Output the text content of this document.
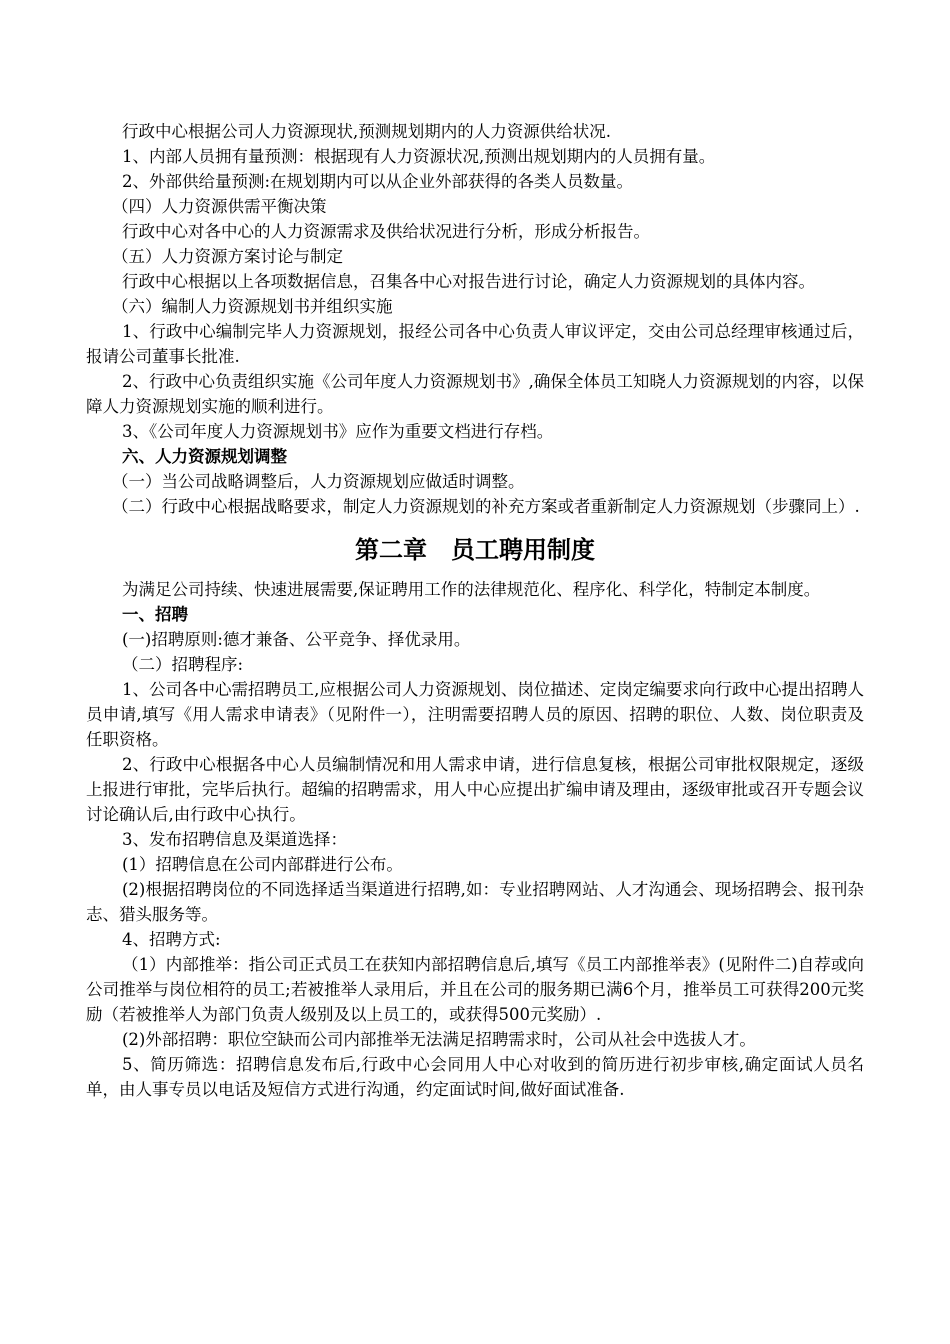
行政中心根据公司人力资源现状,预测规划期内的人力资源供给状况.

1、内部人员拥有量预测：根据现有人力资源状况,预测出规划期内的人员拥有量。

2、外部供给量预测:在规划期内可以从企业外部获得的各类人员数量。

（四）人力资源供需平衡决策

行政中心对各中心的人力资源需求及供给状况进行分析，形成分析报告。

（五）人力资源方案讨论与制定

行政中心根据以上各项数据信息，召集各中心对报告进行讨论，确定人力资源规划的具体内容。

（六）编制人力资源规划书并组织实施

1、行政中心编制完毕人力资源规划，报经公司各中心负责人审议评定，交由公司总经理审核通过后，报请公司董事长批准.

2、行政中心负责组织实施《公司年度人力资源规划书》,确保全体员工知晓人力资源规划的内容，以保障人力资源规划实施的顺利进行。

3、《公司年度人力资源规划书》应作为重要文档进行存档。

六、人力资源规划调整

（一）当公司战略调整后，人力资源规划应做适时调整。

（二）行政中心根据战略要求，制定人力资源规划的补充方案或者重新制定人力资源规划（步骤同上）.

第二章　员工聘用制度

为满足公司持续、快速进展需要,保证聘用工作的法律规范化、程序化、科学化，特制定本制度。

一、招聘

(一)招聘原则:德才兼备、公平竞争、择优录用。

（二）招聘程序:

1、公司各中心需招聘员工,应根据公司人力资源规划、岗位描述、定岗定编要求向行政中心提出招聘人员申请,填写《用人需求申请表》（见附件一），注明需要招聘人员的原因、招聘的职位、人数、岗位职责及任职资格。

2、行政中心根据各中心人员编制情况和用人需求申请，进行信息复核，根据公司审批权限规定，逐级上报进行审批，完毕后执行。超编的招聘需求，用人中心应提出扩编申请及理由，逐级审批或召开专题会议讨论确认后,由行政中心执行。

3、发布招聘信息及渠道选择：

(1）招聘信息在公司内部群进行公布。

(2)根据招聘岗位的不同选择适当渠道进行招聘,如：专业招聘网站、人才沟通会、现场招聘会、报刊杂志、猎头服务等。

4、招聘方式:

（1）内部推举：指公司正式员工在获知内部招聘信息后,填写《员工内部推举表》(见附件二)自荐或向公司推举与岗位相符的员工;若被推举人录用后，并且在公司的服务期已满6个月，推举员工可获得200元奖励（若被推举人为部门负责人级别及以上员工的，或获得500元奖励）.

(2)外部招聘：职位空缺而公司内部推举无法满足招聘需求时，公司从社会中选拔人才。

5、简历筛选：招聘信息发布后,行政中心会同用人中心对收到的简历进行初步审核,确定面试人员名单，由人事专员以电话及短信方式进行沟通，约定面试时间,做好面试准备.
